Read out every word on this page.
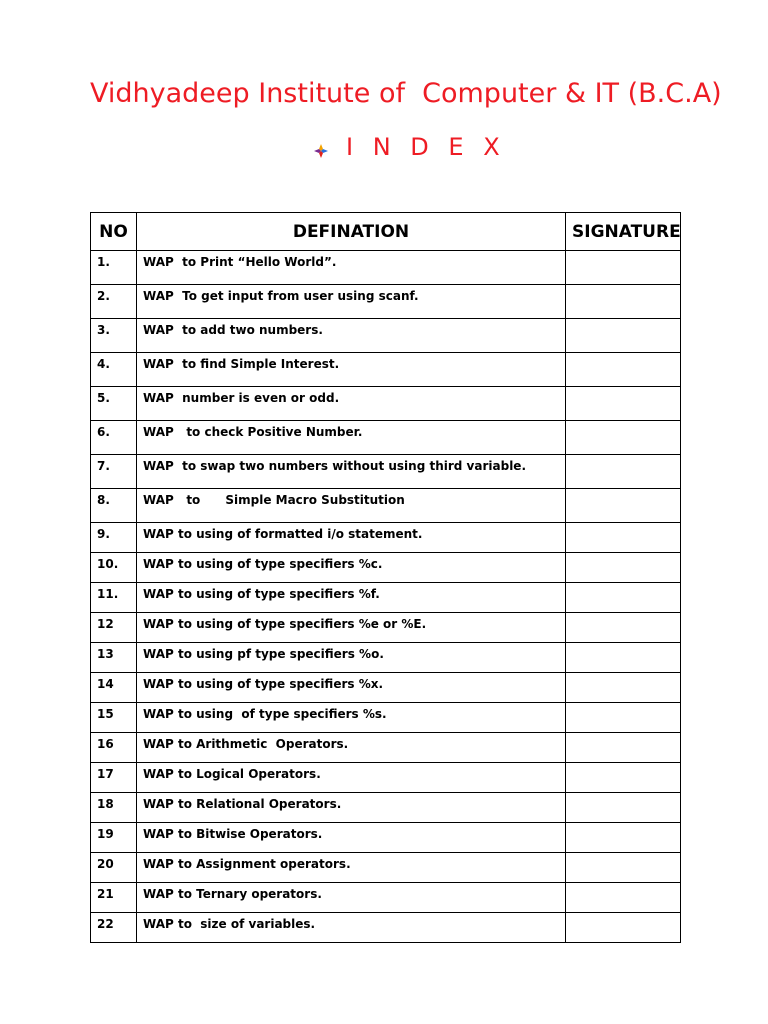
Vidhyadeep Institute of  Computer & IT (B.C.A)
I N D E X
NO	DEFINATION	SIGNATURE
1.	WAP  to Print “Hello World”.	
2.	WAP  To get input from user using scanf.	
3.	WAP  to add two numbers.	
4.	WAP  to find Simple Interest.	
5.	WAP  number is even or odd.	
6.	WAP   to check Positive Number.	
7.	WAP  to swap two numbers without using third variable.	
8.	WAP   to      Simple Macro Substitution	
9.	WAP to using of formatted i/o statement.	
10.	WAP to using of type specifiers %c.	
11.	WAP to using of type specifiers %f.	
12	WAP to using of type specifiers %e or %E.	
13	WAP to using pf type specifiers %o.	
14	WAP to using of type specifiers %x.	
15	WAP to using  of type specifiers %s.	
16	WAP to Arithmetic  Operators.	
17	WAP to Logical Operators.	
18	WAP to Relational Operators.	
19	WAP to Bitwise Operators.	
20	WAP to Assignment operators.	
21	WAP to Ternary operators.	
22	WAP to  size of variables.	
